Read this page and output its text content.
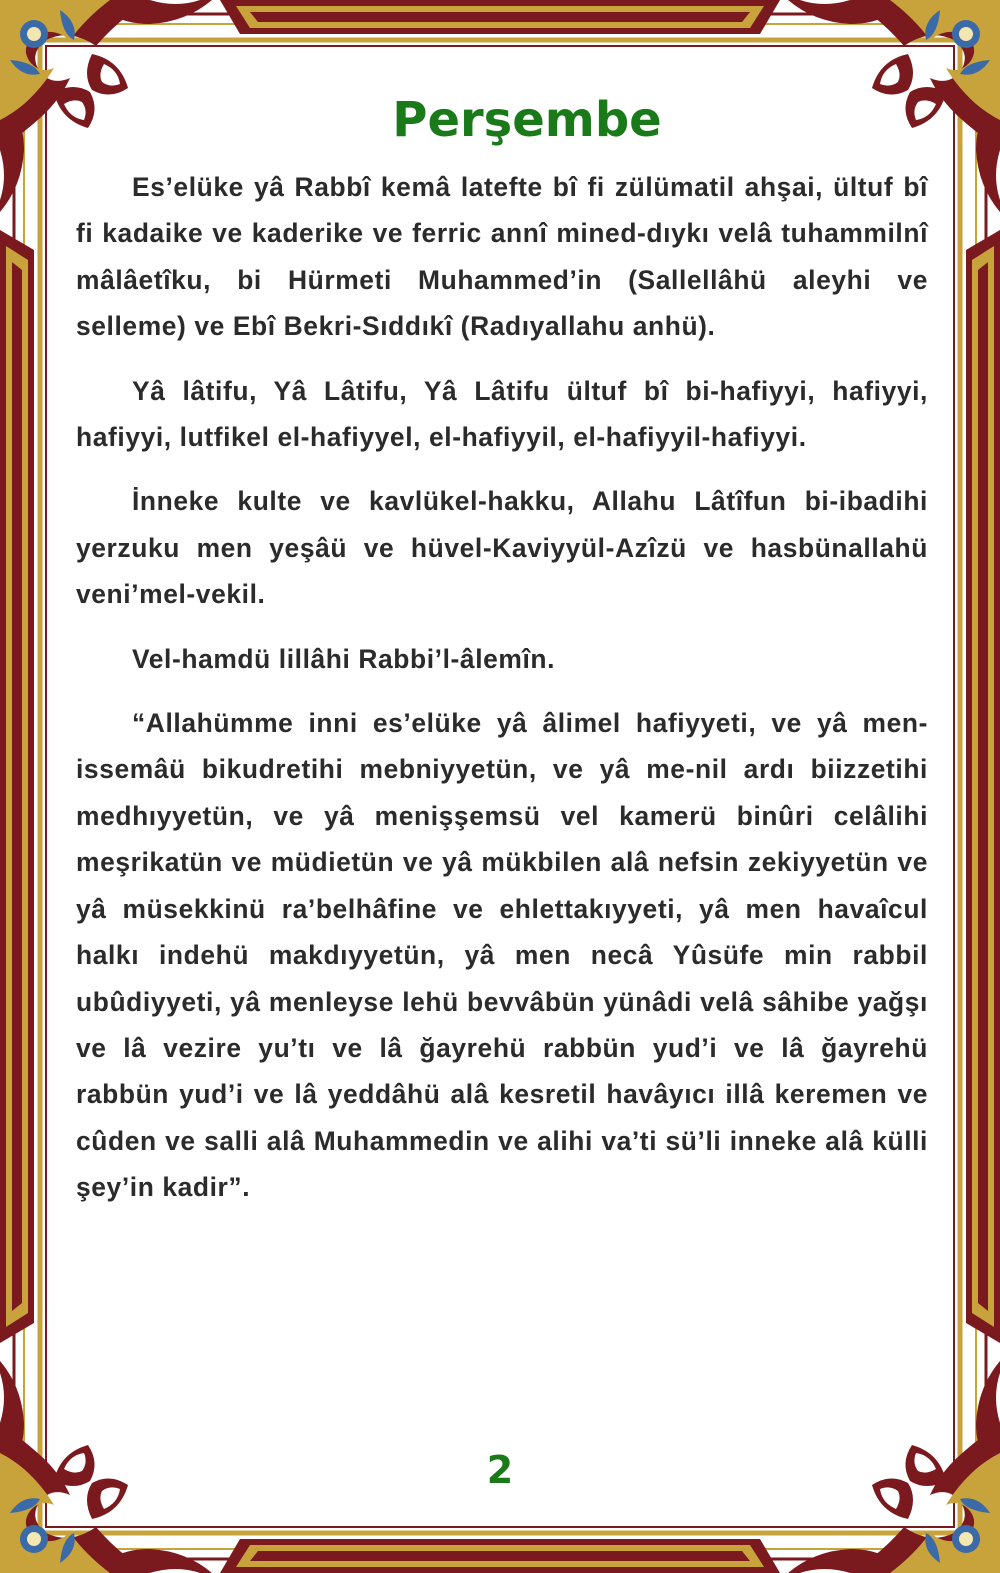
Perşembe

Es’elüke yâ Rabbî kemâ latefte bî fi zülümatil ahşai, ültuf bî fi kadaike ve kaderike ve ferric annî mined-dıykı velâ tuhammilnî mâlâetîku, bi Hürmeti Muhammed’in (Sallellâhü aleyhi ve selleme) ve Ebî Bekri-Sıddıkî (Radıyallahu anhü).

Yâ lâtifu, Yâ Lâtifu, Yâ Lâtifu ültuf bî bi-hafiyyi, hafiyyi, hafiyyi, lutfikel el-hafiyyel, el-hafiyyil, el-hafiyyil-hafiyyi.

İnneke kulte ve kavlükel-hakku, Allahu Lâtîfun bi-ibadihi yerzuku men yeşâü ve hüvel-Kaviyyül-Azîzü ve hasbünallahü veni’mel-vekil.

Vel-hamdü lillâhi Rabbi’l-âlemîn.

“Allahümme inni es’elüke yâ âlimel hafiyyeti, ve yâ men-issemâü bikudretihi mebniyyetün, ve yâ me-nil ardı biizzetihi medhıyyetün, ve yâ menişşemsü vel kamerü binûri celâlihi meşrikatün ve müdietün ve yâ mükbilen alâ nefsin zekiyyetün ve yâ müsekkinü ra’belhâfine ve ehlettakıyyeti, yâ men havaîcul halkı indehü makdıyyetün, yâ men necâ Yûsüfe min rabbil ubûdiyyeti, yâ menleyse lehü bevvâbün yünâdi velâ sâhibe yağşı ve lâ vezire yu’tı ve lâ ğayrehü rabbün yud’i ve lâ ğayrehü rabbün yud’i ve lâ yeddâhü alâ kesretil havâyıcı illâ keremen ve cûden ve salli alâ Muhammedin ve alihi va’ti sü’li inneke alâ külli şey’in kadir”.

2
